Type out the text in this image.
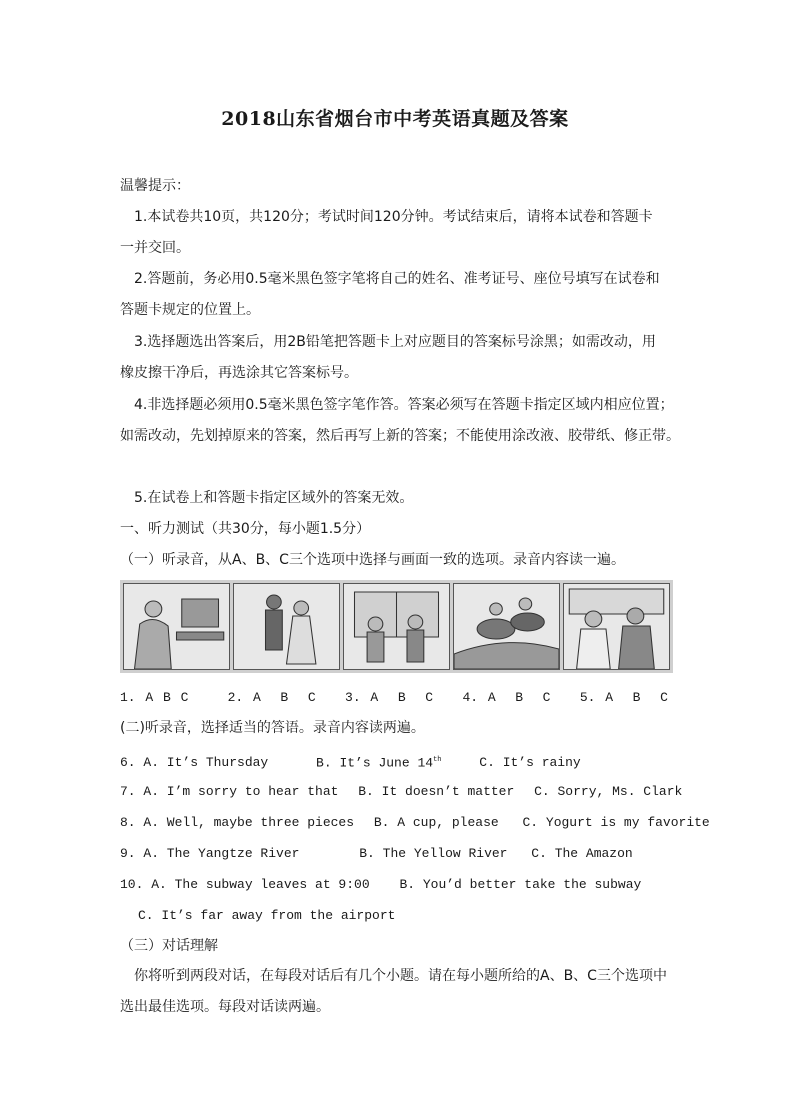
2018山东省烟台市中考英语真题及答案
温馨提示：
1.本试卷共10页，共120分；考试时间120分钟。考试结束后，请将本试卷和答题卡
一并交回。
2.答题前，务必用0.5毫米黑色签字笔将自己的姓名、准考证号、座位号填写在试卷和
答题卡规定的位置上。
3.选择题选出答案后，用2B铅笔把答题卡上对应题目的答案标号涂黑；如需改动，用
橡皮擦干净后，再选涂其它答案标号。
4.非选择题必须用0.5毫米黑色签字笔作答。答案必须写在答题卡指定区域内相应位置；
如需改动，先划掉原来的答案，然后再写上新的答案；不能使用涂改液、胶带纸、修正带。
5.在试卷上和答题卡指定区域外的答案无效。
一、听力测试（共30分，每小题1.5分）
（一）听录音，从A、B、C三个选项中选择与画面一致的选项。录音内容读一遍。
1. A B C    2. A  B  C   3. A  B  C   4. A  B  C   5. A  B  C
(二)听录音，选择适当的答语。录音内容读两遍。
6. A. It’s Thursday	B. It’s June 14th	C. It’s rainy
7. A. I’m sorry to hear that B. It doesn’t matter C. Sorry, Ms. Clark
8. A. Well, maybe three pieces B. A cup, please C. Yogurt is my favorite
9. A. The Yangtze River	B. The Yellow River C. The Amazon
10. A. The subway leaves at 9:00 B. You’d better take the subway
C. It’s far away from the airport
（三）对话理解
你将听到两段对话，在每段对话后有几个小题。请在每小题所给的A、B、C三个选项中
选出最佳选项。每段对话读两遍。
